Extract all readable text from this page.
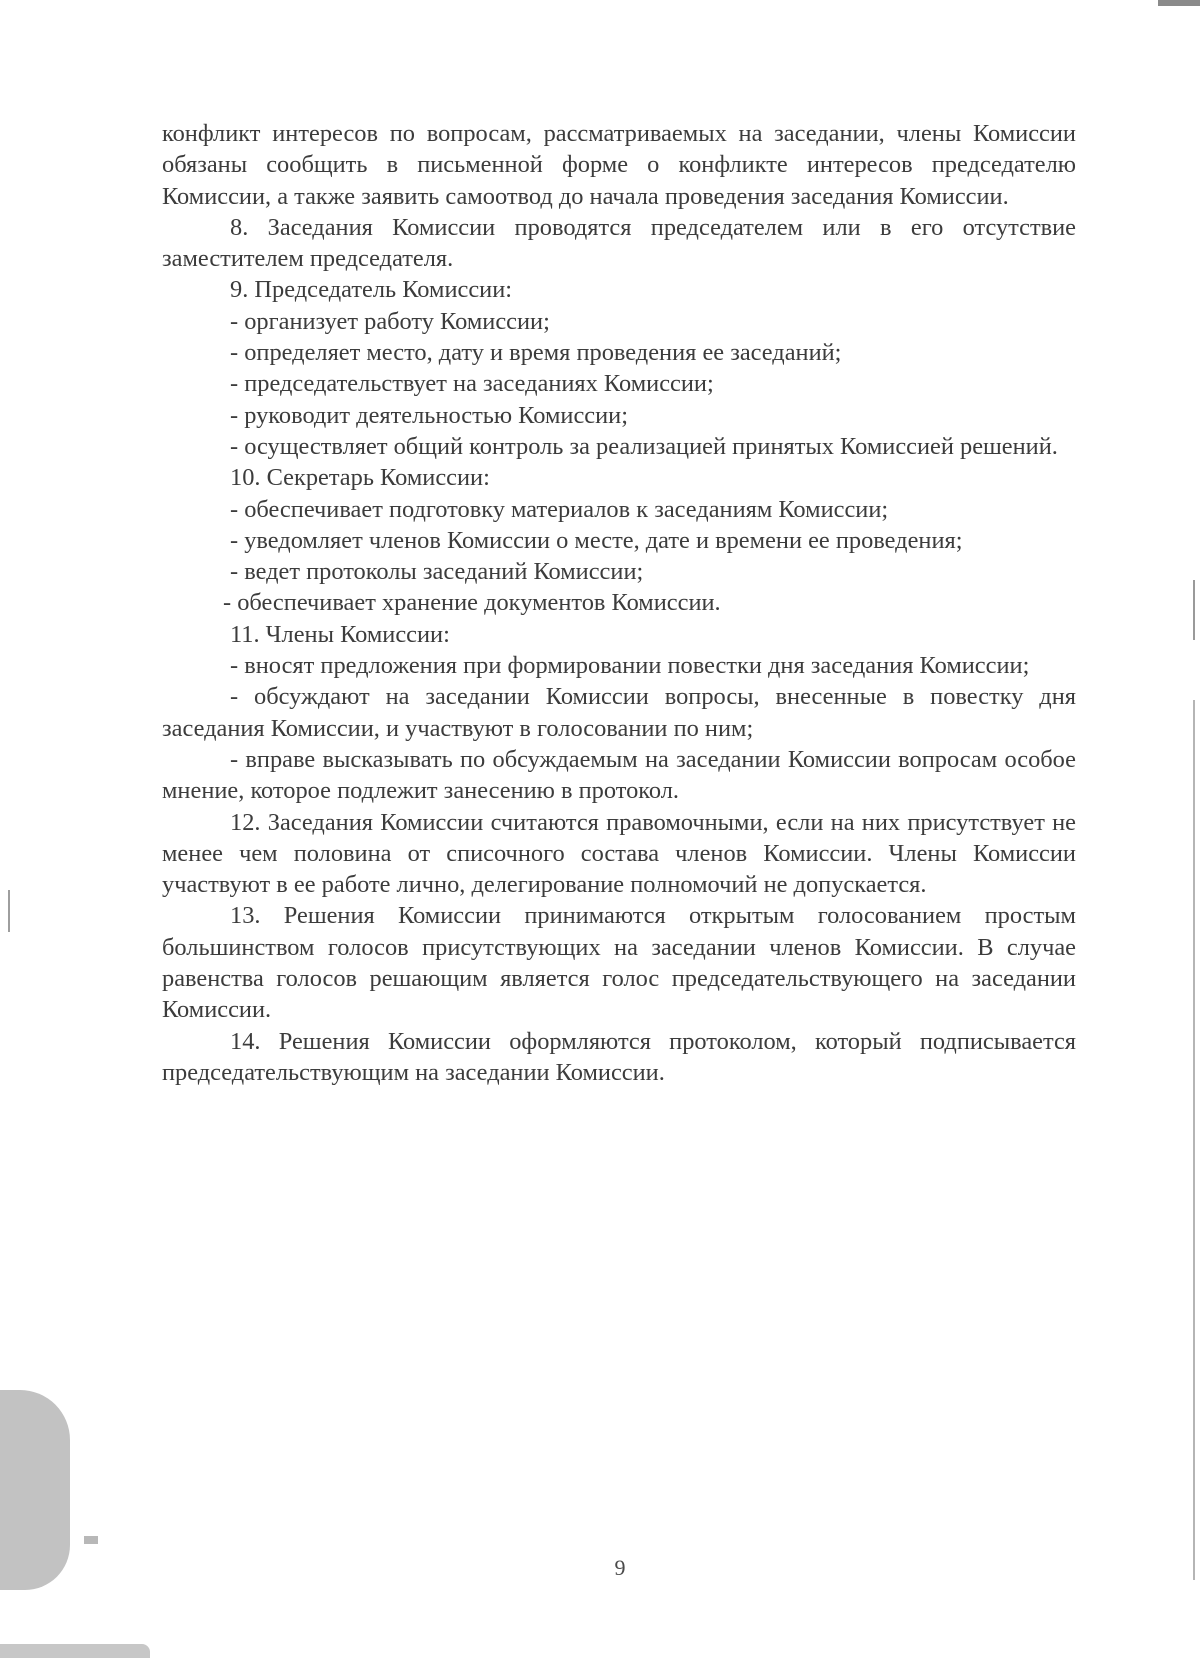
конфликт интересов по вопросам, рассматриваемых на заседании, члены Комиссии обязаны сообщить в письменной форме о конфликте интересов председателю Комиссии, а также заявить самоотвод до начала проведения заседания Комиссии.

8. Заседания Комиссии проводятся председателем или в его отсутствие заместителем председателя.

9. Председатель Комиссии:

- организует работу Комиссии;

- определяет место, дату и время проведения ее заседаний;

- председательствует на заседаниях Комиссии;

- руководит деятельностью Комиссии;

- осуществляет общий контроль за реализацией принятых Комиссией решений.

10. Секретарь Комиссии:

- обеспечивает подготовку материалов к заседаниям Комиссии;

- уведомляет членов Комиссии о месте, дате и времени ее проведения;

- ведет протоколы заседаний Комиссии;

- обеспечивает хранение документов Комиссии.

11. Члены Комиссии:

- вносят предложения при формировании повестки дня заседания Комиссии;

- обсуждают на заседании Комиссии вопросы, внесенные в повестку дня заседания Комиссии, и участвуют в голосовании по ним;

- вправе высказывать по обсуждаемым на заседании Комиссии вопросам особое мнение, которое подлежит занесению в протокол.

12. Заседания Комиссии считаются правомочными, если на них присутствует не менее чем половина от списочного состава членов Комиссии. Члены Комиссии участвуют в ее работе лично, делегирование полномочий не допускается.

13. Решения Комиссии принимаются открытым голосованием простым большинством голосов присутствующих на заседании членов Комиссии. В случае равенства голосов решающим является голос председательствующего на заседании Комиссии.

14. Решения Комиссии оформляются протоколом, который подписывается председательствующим на заседании Комиссии.

9
